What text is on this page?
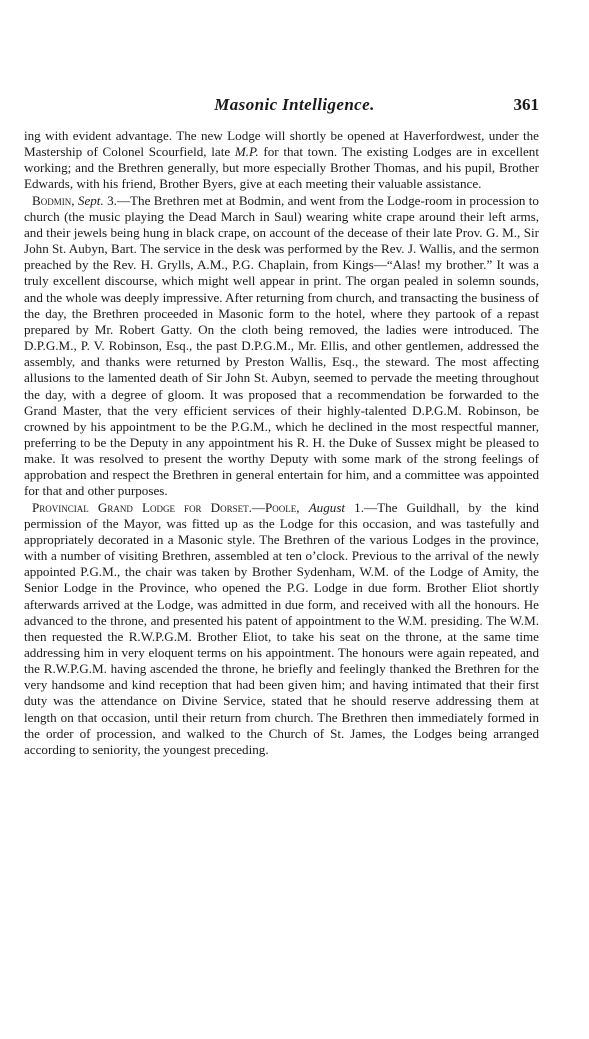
Masonic Intelligence.	361

ing with evident advantage. The new Lodge will shortly be opened at Haverfordwest, under the Mastership of Colonel Scourfield, late M.P. for that town. The existing Lodges are in excellent working; and the Brethren generally, but more especially Brother Thomas, and his pupil, Brother Edwards, with his friend, Brother Byers, give at each meeting their valuable assistance.

Bodmin, Sept. 3.—The Brethren met at Bodmin, and went from the Lodge-room in procession to church (the music playing the Dead March in Saul) wearing white crape around their left arms, and their jewels being hung in black crape, on account of the decease of their late Prov. G. M., Sir John St. Aubyn, Bart. The service in the desk was performed by the Rev. J. Wallis, and the sermon preached by the Rev. H. Grylls, A.M., P.G. Chaplain, from Kings—“Alas! my brother.” It was a truly excellent discourse, which might well appear in print. The organ pealed in solemn sounds, and the whole was deeply impressive. After returning from church, and transacting the business of the day, the Brethren proceeded in Masonic form to the hotel, where they partook of a repast prepared by Mr. Robert Gatty. On the cloth being removed, the ladies were introduced. The D.P.G.M., P. V. Robinson, Esq., the past D.P.G.M., Mr. Ellis, and other gentlemen, addressed the assembly, and thanks were returned by Preston Wallis, Esq., the steward. The most affecting allusions to the lamented death of Sir John St. Aubyn, seemed to pervade the meeting throughout the day, with a degree of gloom. It was proposed that a recommendation be forwarded to the Grand Master, that the very efficient services of their highly-talented D.P.G.M. Robinson, be crowned by his appointment to be the P.G.M., which he declined in the most respectful manner, preferring to be the Deputy in any appointment his R. H. the Duke of Sussex might be pleased to make. It was resolved to present the worthy Deputy with some mark of the strong feelings of approbation and respect the Brethren in general entertain for him, and a committee was appointed for that and other purposes.

Provincial Grand Lodge for Dorset.—Poole, August 1.—The Guildhall, by the kind permission of the Mayor, was fitted up as the Lodge for this occasion, and was tastefully and appropriately decorated in a Masonic style. The Brethren of the various Lodges in the province, with a number of visiting Brethren, assembled at ten o’clock. Previous to the arrival of the newly appointed P.G.M., the chair was taken by Brother Sydenham, W.M. of the Lodge of Amity, the Senior Lodge in the Province, who opened the P.G. Lodge in due form. Brother Eliot shortly afterwards arrived at the Lodge, was admitted in due form, and received with all the honours. He advanced to the throne, and presented his patent of appointment to the W.M. presiding. The W.M. then requested the R.W.P.G.M. Brother Eliot, to take his seat on the throne, at the same time addressing him in very eloquent terms on his appointment. The honours were again repeated, and the R.W.P.G.M. having ascended the throne, he briefly and feelingly thanked the Brethren for the very handsome and kind reception that had been given him; and having intimated that their first duty was the attendance on Divine Service, stated that he should reserve addressing them at length on that occasion, until their return from church. The Brethren then immediately formed in the order of procession, and walked to the Church of St. James, the Lodges being arranged according to seniority, the youngest preceding.
